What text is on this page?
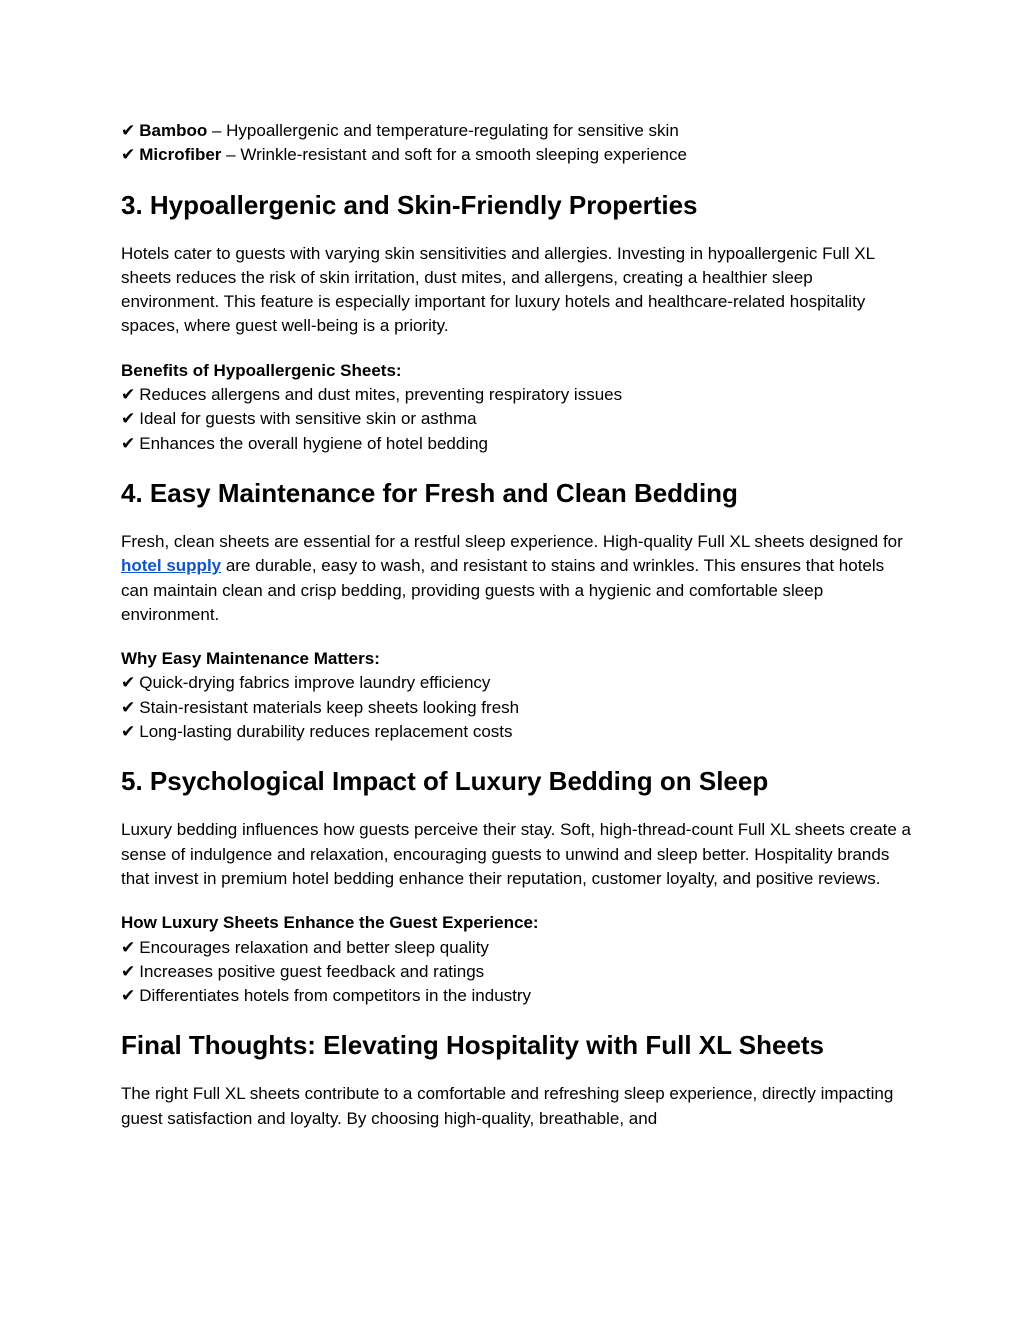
✔ Bamboo – Hypoallergenic and temperature-regulating for sensitive skin
✔ Microfiber – Wrinkle-resistant and soft for a smooth sleeping experience
3. Hypoallergenic and Skin-Friendly Properties

Hotels cater to guests with varying skin sensitivities and allergies. Investing in hypoallergenic Full XL sheets reduces the risk of skin irritation, dust mites, and allergens, creating a healthier sleep environment. This feature is especially important for luxury hotels and healthcare-related hospitality spaces, where guest well-being is a priority.

Benefits of Hypoallergenic Sheets:
✔ Reduces allergens and dust mites, preventing respiratory issues
✔ Ideal for guests with sensitive skin or asthma
✔ Enhances the overall hygiene of hotel bedding
4. Easy Maintenance for Fresh and Clean Bedding

Fresh, clean sheets are essential for a restful sleep experience. High-quality Full XL sheets designed for hotel supply are durable, easy to wash, and resistant to stains and wrinkles. This ensures that hotels can maintain clean and crisp bedding, providing guests with a hygienic and comfortable sleep environment.

Why Easy Maintenance Matters:
✔ Quick-drying fabrics improve laundry efficiency
✔ Stain-resistant materials keep sheets looking fresh
✔ Long-lasting durability reduces replacement costs
5. Psychological Impact of Luxury Bedding on Sleep

Luxury bedding influences how guests perceive their stay. Soft, high-thread-count Full XL sheets create a sense of indulgence and relaxation, encouraging guests to unwind and sleep better. Hospitality brands that invest in premium hotel bedding enhance their reputation, customer loyalty, and positive reviews.

How Luxury Sheets Enhance the Guest Experience:
✔ Encourages relaxation and better sleep quality
✔ Increases positive guest feedback and ratings
✔ Differentiates hotels from competitors in the industry
Final Thoughts: Elevating Hospitality with Full XL Sheets

The right Full XL sheets contribute to a comfortable and refreshing sleep experience, directly impacting guest satisfaction and loyalty. By choosing high-quality, breathable, and
